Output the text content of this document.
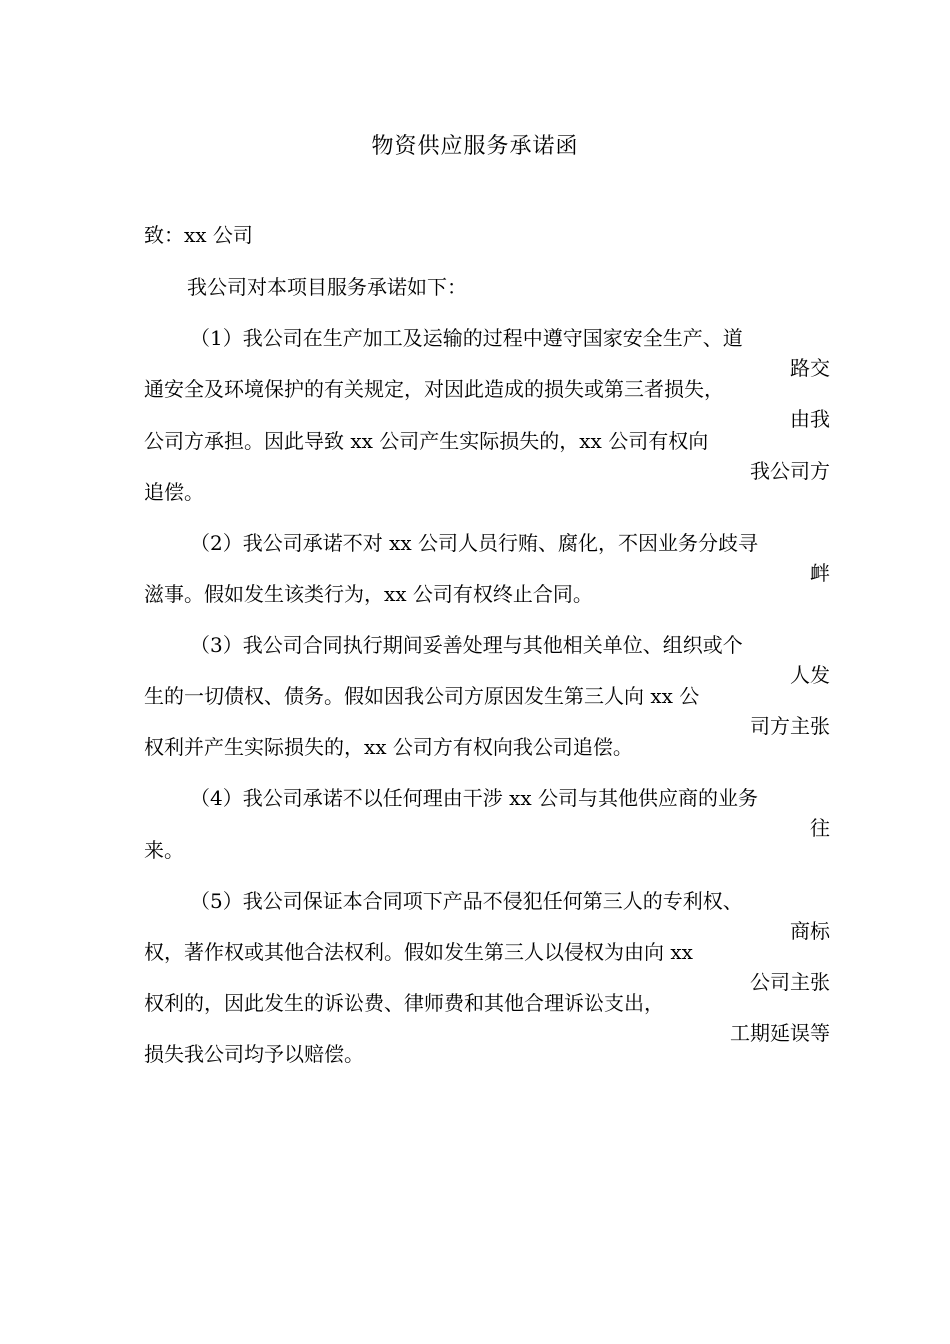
物资供应服务承诺函

致：xx 公司

我公司对本项目服务承诺如下：

（1）我公司在生产加工及运输的过程中遵守国家安全生产、道

路交

通安全及环境保护的有关规定，对因此造成的损失或第三者损失，

由我

公司方承担。因此导致 xx 公司产生实际损失的，xx 公司有权向

我公司方

追偿。

（2）我公司承诺不对 xx 公司人员行贿、腐化，不因业务分歧寻

衅

滋事。假如发生该类行为，xx 公司有权终止合同。

（3）我公司合同执行期间妥善处理与其他相关单位、组织或个

人发

生的一切债权、债务。假如因我公司方原因发生第三人向 xx 公

司方主张

权利并产生实际损失的，xx 公司方有权向我公司追偿。

（4）我公司承诺不以任何理由干涉 xx 公司与其他供应商的业务

往

来。

（5）我公司保证本合同项下产品不侵犯任何第三人的专利权、

商标

权，著作权或其他合法权利。假如发生第三人以侵权为由向 xx

公司主张

权利的，因此发生的诉讼费、律师费和其他合理诉讼支出，

工期延误等

损失我公司均予以赔偿。
